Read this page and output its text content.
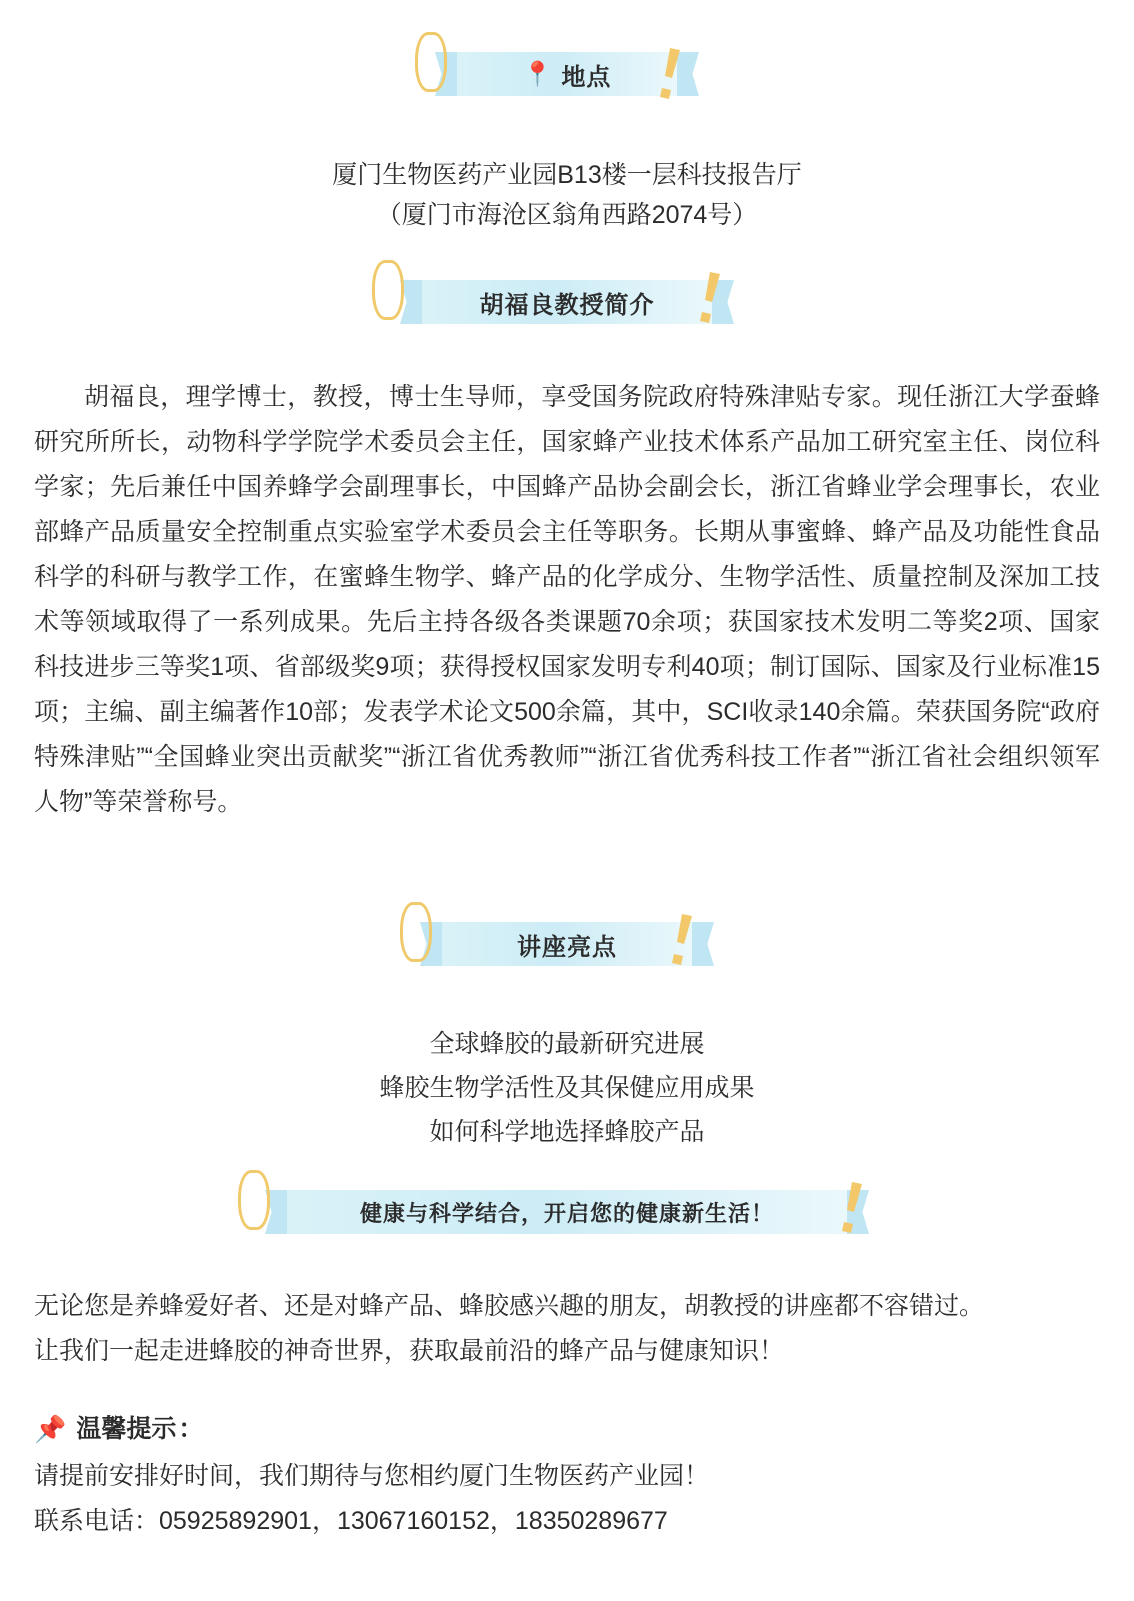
📍 地点
厦门生物医药产业园B13楼一层科技报告厅
（厦门市海沧区翁角西路2074号）
胡福良教授简介
胡福良，理学博士，教授，博士生导师，享受国务院政府特殊津贴专家。现任浙江大学蚕蜂研究所所长，动物科学学院学术委员会主任，国家蜂产业技术体系产品加工研究室主任、岗位科学家；先后兼任中国养蜂学会副理事长，中国蜂产品协会副会长，浙江省蜂业学会理事长，农业部蜂产品质量安全控制重点实验室学术委员会主任等职务。长期从事蜜蜂、蜂产品及功能性食品科学的科研与教学工作，在蜜蜂生物学、蜂产品的化学成分、生物学活性、质量控制及深加工技术等领域取得了一系列成果。先后主持各级各类课题70余项；获国家技术发明二等奖2项、国家科技进步三等奖1项、省部级奖9项；获得授权国家发明专利40项；制订国际、国家及行业标准15项；主编、副主编著作10部；发表学术论文500余篇，其中，SCI收录140余篇。荣获国务院“政府特殊津贴”“全国蜂业突出贡献奖”“浙江省优秀教师”“浙江省优秀科技工作者”“浙江省社会组织领军人物”等荣誉称号。
讲座亮点
全球蜂胶的最新研究进展
蜂胶生物学活性及其保健应用成果
如何科学地选择蜂胶产品
健康与科学结合，开启您的健康新生活！
无论您是养蜂爱好者、还是对蜂产品、蜂胶感兴趣的朋友，胡教授的讲座都不容错过。
让我们一起走进蜂胶的神奇世界，获取最前沿的蜂产品与健康知识！
📌 温馨提示 ：
请提前安排好时间，我们期待与您相约厦门生物医药产业园！
联系电话：05925892901，13067160152，18350289677
